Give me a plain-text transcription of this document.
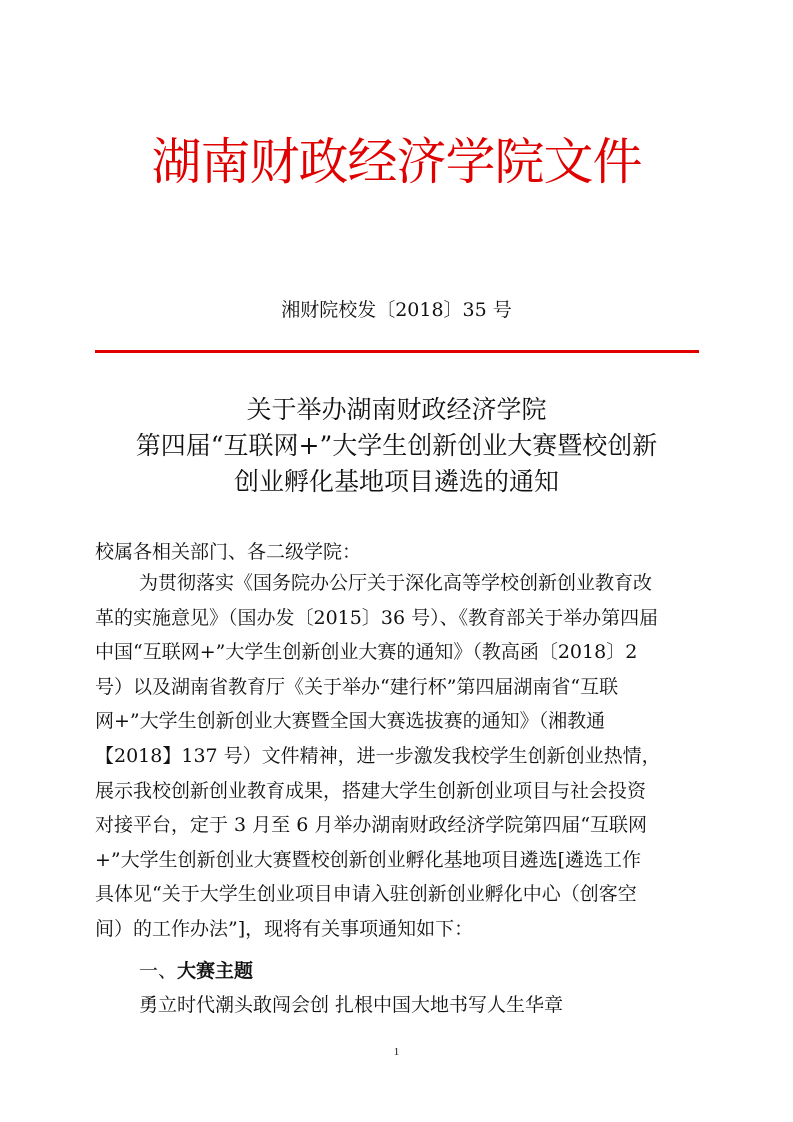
湖南财政经济学院文件
湘财院校发〔2018〕35 号
关于举办湖南财政经济学院
第四届“互联网+”大学生创新创业大赛暨校创新
创业孵化基地项目遴选的通知
校属各相关部门、各二级学院：
为贯彻落实《国务院办公厅关于深化高等学校创新创业教育改
革的实施意见》（国办发〔2015〕36 号）、《教育部关于举办第四届
中国“互联网+”大学生创新创业大赛的通知》（教高函〔2018〕2
号）以及湖南省教育厅《关于举办“建行杯”第四届湖南省“互联
网+”大学生创新创业大赛暨全国大赛选拔赛的通知》（湘教通
【2018】137 号）文件精神，进一步激发我校学生创新创业热情，
展示我校创新创业教育成果，搭建大学生创新创业项目与社会投资
对接平台，定于 3 月至 6 月举办湖南财政经济学院第四届“互联网
+”大学生创新创业大赛暨校创新创业孵化基地项目遴选[遴选工作
具体见“关于大学生创业项目申请入驻创新创业孵化中心（创客空
间）的工作办法”]，现将有关事项通知如下：
一、大赛主题
勇立时代潮头敢闯会创 扎根中国大地书写人生华章
1
